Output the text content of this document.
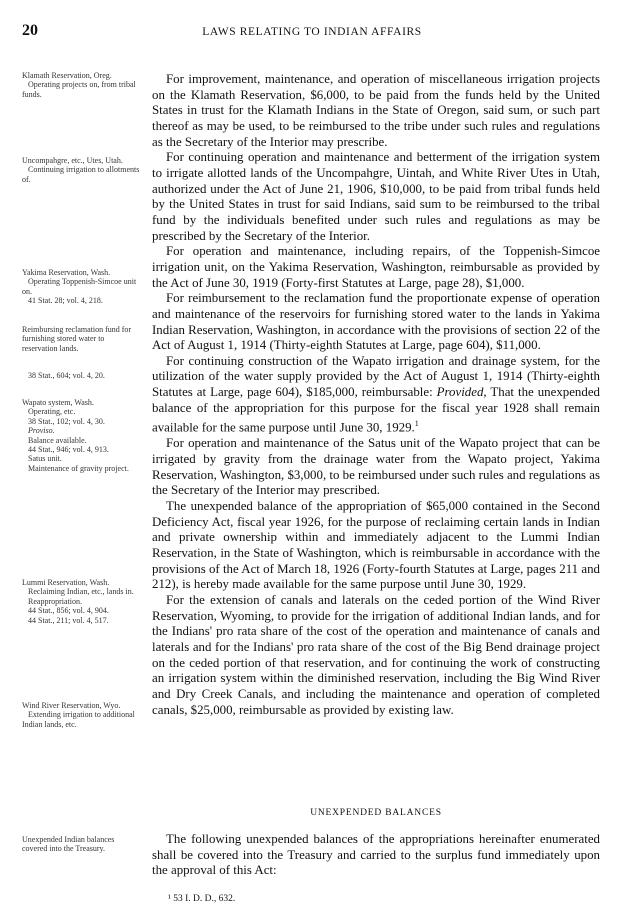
20	LAWS RELATING TO INDIAN AFFAIRS
Klamath Reservation, Oreg.
Operating projects on, from tribal funds.
Uncompahgre, etc., Utes, Utah.
Continuing irrigation to allotments of.
Yakima Reservation, Wash.
Operating Toppenish-Simcoe unit on.
41 Stat. 28; vol. 4, 218.
Reimbursing reclamation fund for furnishing stored water to reservation lands.
38 Stat., 604; vol. 4, 20.
Wapato system, Wash.
Operating, etc.
38 Stat., 102; vol. 4, 30.
Proviso.
Balance available.
44 Stat., 946; vol. 4, 913.
Satus unit.
Maintenance of gravity project.
Lummi Reservation, Wash.
Reclaiming Indian, etc., lands in.
Reappropriation.
44 Stat., 856; vol. 4, 904.
44 Stat., 211; vol. 4, 517.
Wind River Reservation, Wyo.
Extending irrigation to additional Indian lands, etc.
Unexpended Indian balances covered into the Treasury.

For improvement, maintenance, and operation of miscellaneous irrigation projects on the Klamath Reservation, $6,000, to be paid from the funds held by the United States in trust for the Klamath Indians in the State of Oregon, said sum, or such part thereof as may be used, to be reimbursed to the tribe under such rules and regulations as the Secretary of the Interior may prescribe.

For continuing operation and maintenance and betterment of the irrigation system to irrigate allotted lands of the Uncompahgre, Uintah, and White River Utes in Utah, authorized under the Act of June 21, 1906, $10,000, to be paid from tribal funds held by the United States in trust for said Indians, said sum to be reimbursed to the tribal fund by the individuals benefited under such rules and regulations as may be prescribed by the Secretary of the Interior.

For operation and maintenance, including repairs, of the Toppenish-Simcoe irrigation unit, on the Yakima Reservation, Washington, reimbursable as provided by the Act of June 30, 1919 (Forty-first Statutes at Large, page 28), $1,000.

For reimbursement to the reclamation fund the proportionate expense of operation and maintenance of the reservoirs for furnishing stored water to the lands in Yakima Indian Reservation, Washington, in accordance with the provisions of section 22 of the Act of August 1, 1914 (Thirty-eighth Statutes at Large, page 604), $11,000.

For continuing construction of the Wapato irrigation and drainage system, for the utilization of the water supply provided by the Act of August 1, 1914 (Thirty-eighth Statutes at Large, page 604), $185,000, reimbursable: Provided, That the unexpended balance of the appropriation for this purpose for the fiscal year 1928 shall remain available for the same purpose until June 30, 1929.$^1$

For operation and maintenance of the Satus unit of the Wapato project that can be irrigated by gravity from the drainage water from the Wapato project, Yakima Reservation, Washington, $3,000, to be reimbursed under such rules and regulations as the Secretary of the Interior may prescribed.

The unexpended balance of the appropriation of $65,000 contained in the Second Deficiency Act, fiscal year 1926, for the purpose of reclaiming certain lands in Indian and private ownership within and immediately adjacent to the Lummi Indian Reservation, in the State of Washington, which is reimbursable in accordance with the provisions of the Act of March 18, 1926 (Forty-fourth Statutes at Large, pages 211 and 212), is hereby made available for the same purpose until June 30, 1929.

For the extension of canals and laterals on the ceded portion of the Wind River Reservation, Wyoming, to provide for the irrigation of additional Indian lands, and for the Indians' pro rata share of the cost of the operation and maintenance of canals and laterals and for the Indians' pro rata share of the cost of the Big Bend drainage project on the ceded portion of that reservation, and for continuing the work of constructing an irrigation system within the diminished reservation, including the Big Wind River and Dry Creek Canals, and including the maintenance and operation of completed canals, $25,000, reimbursable as provided by existing law.

UNEXPENDED BALANCES

The following unexpended balances of the appropriations hereinafter enumerated shall be covered into the Treasury and carried to the surplus fund immediately upon the approval of this Act:

¹ 53 I. D. D., 632.
